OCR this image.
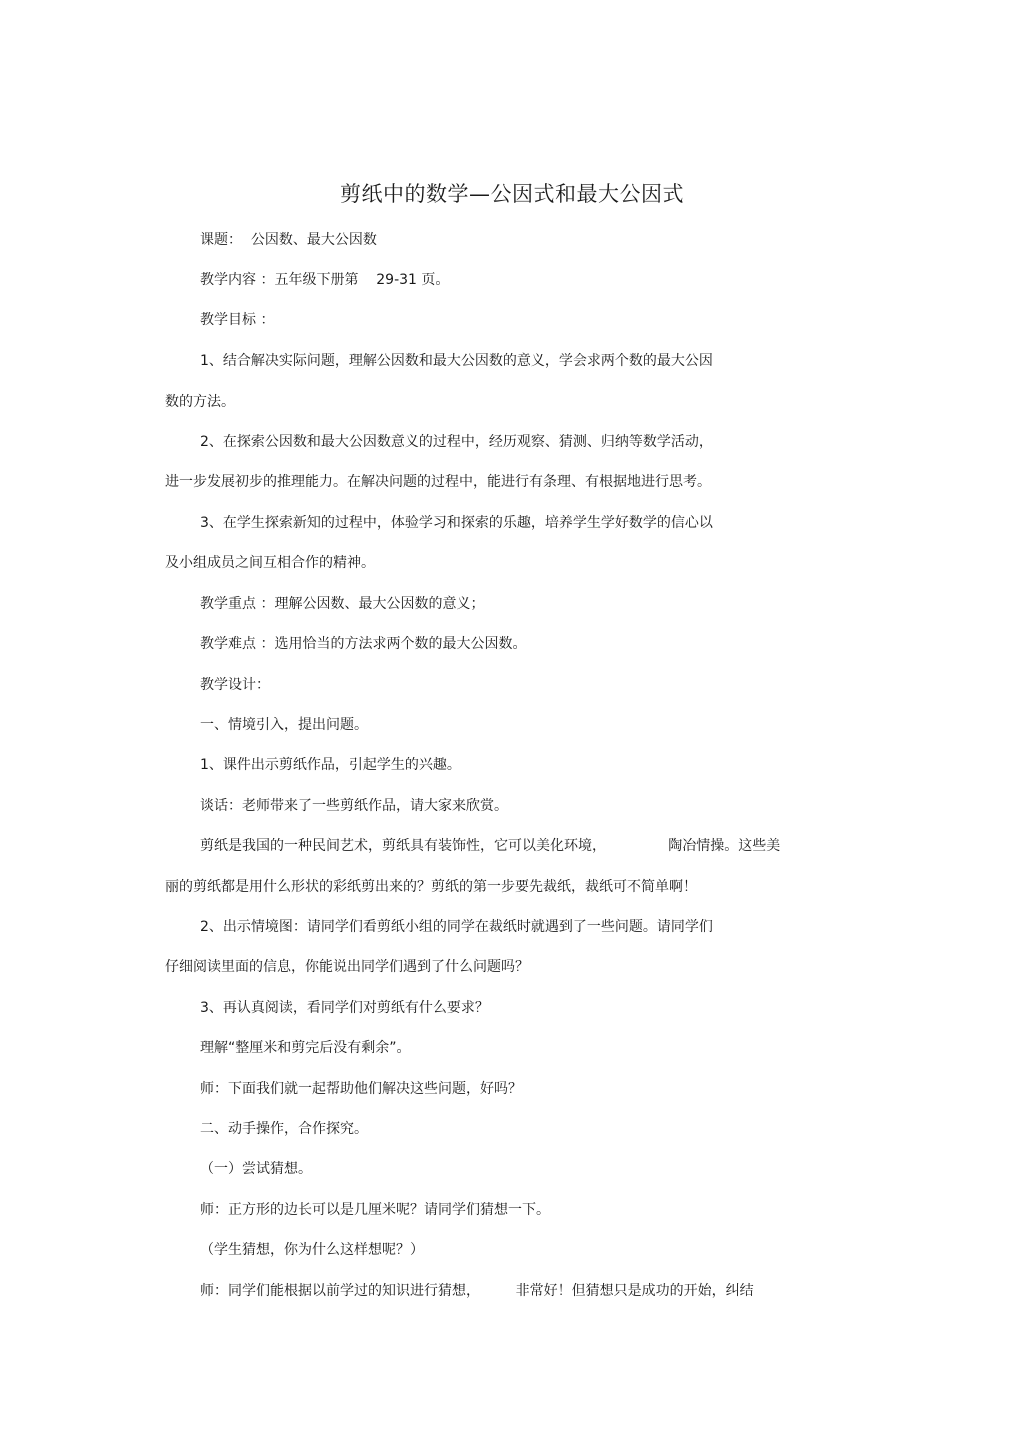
剪纸中的数学—公因式和最大公因式
课题：  公因数、最大公因数
教学内容 ：五年级下册第    29-31 页。
教学目标 ：
1、结合解决实际问题，理解公因数和最大公因数的意义，学会求两个数的最大公因
数的方法。
2、在探索公因数和最大公因数意义的过程中，经历观察、猜测、归纳等数学活动，
进一步发展初步的推理能力。在解决问题的过程中，能进行有条理、有根据地进行思考。
3、在学生探索新知的过程中，体验学习和探索的乐趣，培养学生学好数学的信心以
及小组成员之间互相合作的精神。
教学重点 ：理解公因数、最大公因数的意义；
教学难点 ：选用恰当的方法求两个数的最大公因数。
教学设计：
一、情境引入，提出问题。
1、课件出示剪纸作品，引起学生的兴趣。
谈话：老师带来了一些剪纸作品，请大家来欣赏。
剪纸是我国的一种民间艺术，剪纸具有装饰性，它可以美化环境，              陶冶情操。这些美
丽的剪纸都是用什么形状的彩纸剪出来的？剪纸的第一步要先裁纸，裁纸可不简单啊！
2、出示情境图：请同学们看剪纸小组的同学在裁纸时就遇到了一些问题。请同学们
仔细阅读里面的信息，你能说出同学们遇到了什么问题吗？
3、再认真阅读，看同学们对剪纸有什么要求？
理解“整厘米和剪完后没有剩余”。
师：下面我们就一起帮助他们解决这些问题，好吗？
二、动手操作，合作探究。
（一）尝试猜想。
师：正方形的边长可以是几厘米呢？请同学们猜想一下。
（学生猜想，你为什么这样想呢？）
师：同学们能根据以前学过的知识进行猜想，        非常好！但猜想只是成功的开始，纠结
